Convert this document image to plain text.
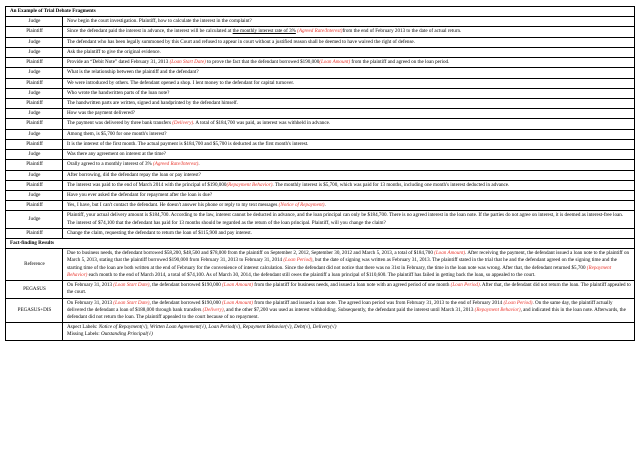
An Example of Trial Debate Fragments	
Judge	Now begin the court investigation. Plaintiff, how to calculate the interest in the complaint?
Plaintiff	Since the defendant paid the interest in advance, the interest will be calculated at the monthly interest rate of 3% (Agreed Rate/Interest)from the end of February 2013 to the date of actual return.
Judge	The defendant who has been legally summoned by this Court and refused to appear in court without a justified reason shall be deemed to have waived the right of defense.
Judge	Ask the plaintiff to give the original evidence.
Plaintiff	Provide an “Debit Note” dated February 31, 2013 (Loan Start Date) to prove the fact that the defendant borrowed $190,000(Loan Amount) from the plaintiff and agreed on the loan period.
Judge	What is the relationship between the plaintiff and the defendant?
Plaintiff	We were introduced by others. The defendant opened a shop. I lent money to the defendant for capital turnover.
Judge	Who wrote the handwritten parts of the loan note?
Plaintiff	The handwritten parts are written, signed and handprinted by the defendant himself.
Judge	How was the payment delivered?
Plaintiff	The payment was delivered by three bank transfers (Delivery). A total of $184,700 was paid, as interest was withheld in advance.
Judge	Among them, is $5,700 for one month's interest?
Plaintiff	It is the interest of the first month. The actual payment is $184,700 and $5,700 is deducted as the first month's interest.
Judge	Was there any agreement on interest at the time?
Plaintiff	Orally agreed to a monthly interest of 3% (Agreed Rate/Interest).
Judge	After borrowing, did the defendant repay the loan or pay interest?
Plaintiff	The interest was paid to the end of March 2014 with the principal of $190,000(Repayment Behavior). The monthly interest is $5,700, which was paid for 13 months, including one month's interest deducted in advance.
Judge	Have you ever asked the defendant for repayment after the loan is due?
Plaintiff	Yes, I have, but I can't contact the defendant. He doesn't answer his phone or reply to my text messages (Notice of Repayment).
Judge	Plaintiff, your actual delivery amount is $184,700. According to the law, interest cannot be deducted in advance, and the loan principal can only be $184,700. There is no agreed interest in the loan note. If the parties do not agree on interest, it is deemed as interest-free loan. The interest of $74,100 that the defendant has paid for 13 months should be regarded as the return of the loan principal. Plaintiff, will you change the claim?
Plaintiff	Change the claim, requesting the defendant to return the loan of $115,900 and pay interest.
Fact-finding Results	
Reference	Due to business needs, the defendant borrowed $58,200, $48,500 and $78,000 from the plaintiff on September 2, 2012, September 30, 2012 and March 5, 2013, a total of $184,700 (Loan Amount). After receiving the payment, the defendant issued a loan note to the plaintiff on March 5, 2013, stating that the plaintiff borrowed $190,000 from February 31, 2013 to February 31, 2014 (Loan Period), but the date of signing was written as February 31, 2013. The plaintiff stated in the trial that he and the defendant agreed on the signing time and the starting time of the loan are both written at the end of February for the convenience of interest calculation. Since the defendant did not notice that there was no 31st in February, the time in the loan note was wrong. After that, the defendant returned $5,700 (Repayment Behavior) each month to the end of March 2014, a total of $74,100. As of March 30, 2014, the defendant still owes the plaintiff a loan principal of $110,600. The plaintiff has failed in getting back the loan, so appealed to the court.
PEGASUS	On February 31, 2013 (Loan Start Date), the defendant borrowed $190,000 (Loan Amount) from the plaintiff for business needs, and issued a loan note with an agreed period of one month (Loan Period). After that, the defendant did not return the loan. The plaintiff appealed to the court.
PEGASUS+DIS	On February 31, 2013 (Loan Start Date), the defendant borrowed $190,000 (Loan Amount) from the plaintiff and issued a loan note. The agreed loan period was from February 31, 2013 to the end of February 2014 (Loan Period). On the same day, the plaintiff actually delivered the defendant a loan of $188,000 through bank transfers (Delivery), and the other $7,200 was used as interest withholding. Subsequently, the defendant paid the interest until March 31, 2013 (Repayment Behavior), and indicated this in the loan note. Afterwards, the defendant did not return the loan. The plaintiff appealed to the court because of no repayment.

	Aspect Labels: Notice of Repayment(√), Written Loan Agreement(√), Loan Period(√), Repayment Behavior(√), Debt(√), Delivery(√)
Missing Labels: Outstanding Principal(√)
